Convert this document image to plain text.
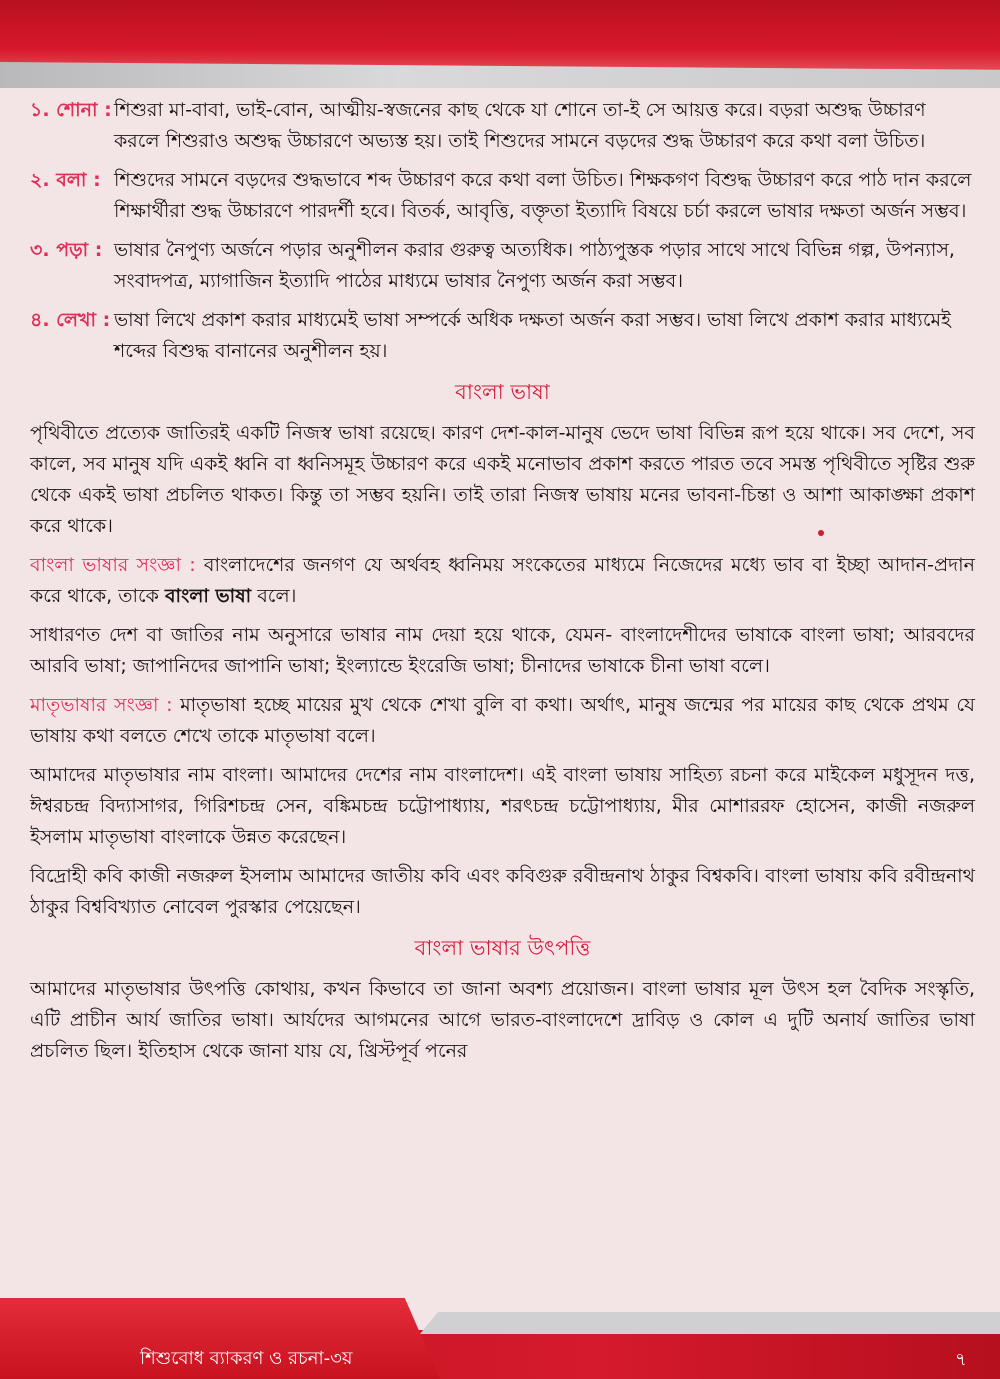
১. শোনা : শিশুরা মা-বাবা, ভাই-বোন, আত্মীয়-স্বজনের কাছ থেকে যা শোনে তা-ই সে আয়ত্ত করে। বড়রা অশুদ্ধ উচ্চারণ করলে শিশুরাও অশুদ্ধ উচ্চারণে অভ্যস্ত হয়। তাই শিশুদের সামনে বড়দের শুদ্ধ উচ্চারণ করে কথা বলা উচিত।
২. বলা : শিশুদের সামনে বড়দের শুদ্ধভাবে শব্দ উচ্চারণ করে কথা বলা উচিত। শিক্ষকগণ বিশুদ্ধ উচ্চারণ করে পাঠ দান করলে শিক্ষার্থীরা শুদ্ধ উচ্চারণে পারদর্শী হবে। বিতর্ক, আবৃত্তি, বক্তৃতা ইত্যাদি বিষয়ে চর্চা করলে ভাষার দক্ষতা অর্জন সম্ভব।
৩. পড়া : ভাষার নৈপুণ্য অর্জনে পড়ার অনুশীলন করার গুরুত্ব অত্যধিক। পাঠ্যপুস্তক পড়ার সাথে সাথে বিভিন্ন গল্প, উপন্যাস, সংবাদপত্র, ম্যাগাজিন ইত্যাদি পাঠের মাধ্যমে ভাষার নৈপুণ্য অর্জন করা সম্ভব।
৪. লেখা : ভাষা লিখে প্রকাশ করার মাধ্যমেই ভাষা সম্পর্কে অধিক দক্ষতা অর্জন করা সম্ভব। ভাষা লিখে প্রকাশ করার মাধ্যমেই শব্দের বিশুদ্ধ বানানের অনুশীলন হয়।
বাংলা ভাষা

পৃথিবীতে প্রত্যেক জাতিরই একটি নিজস্ব ভাষা রয়েছে। কারণ দেশ-কাল-মানুষ ভেদে ভাষা বিভিন্ন রূপ হয়ে থাকে। সব দেশে, সব কালে, সব মানুষ যদি একই ধ্বনি বা ধ্বনিসমূহ উচ্চারণ করে একই মনোভাব প্রকাশ করতে পারত তবে সমস্ত পৃথিবীতে সৃষ্টির শুরু থেকে একই ভাষা প্রচলিত থাকত। কিন্তু তা সম্ভব হয়নি। তাই তারা নিজস্ব ভাষায় মনের ভাবনা-চিন্তা ও আশা আকাঙ্ক্ষা প্রকাশ করে থাকে।

বাংলা ভাষার সংজ্ঞা : বাংলাদেশের জনগণ যে অর্থবহ ধ্বনিময় সংকেতের মাধ্যমে নিজেদের মধ্যে ভাব বা ইচ্ছা আদান-প্রদান করে থাকে, তাকে বাংলা ভাষা বলে।

সাধারণত দেশ বা জাতির নাম অনুসারে ভাষার নাম দেয়া হয়ে থাকে, যেমন- বাংলাদেশীদের ভাষাকে বাংলা ভাষা; আরবদের আরবি ভাষা; জাপানিদের জাপানি ভাষা; ইংল্যান্ডে ইংরেজি ভাষা; চীনাদের ভাষাকে চীনা ভাষা বলে।

মাতৃভাষার সংজ্ঞা : মাতৃভাষা হচ্ছে মায়ের মুখ থেকে শেখা বুলি বা কথা। অর্থাৎ, মানুষ জন্মের পর মায়ের কাছ থেকে প্রথম যে ভাষায় কথা বলতে শেখে তাকে মাতৃভাষা বলে।

আমাদের মাতৃভাষার নাম বাংলা। আমাদের দেশের নাম বাংলাদেশ। এই বাংলা ভাষায় সাহিত্য রচনা করে মাইকেল মধুসূদন দত্ত, ঈশ্বরচন্দ্র বিদ্যাসাগর, গিরিশচন্দ্র সেন, বঙ্কিমচন্দ্র চট্টোপাধ্যায়, শরৎচন্দ্র চট্টোপাধ্যায়, মীর মোশাররফ হোসেন, কাজী নজরুল ইসলাম মাতৃভাষা বাংলাকে উন্নত করেছেন।

বিদ্রোহী কবি কাজী নজরুল ইসলাম আমাদের জাতীয় কবি এবং কবিগুরু রবীন্দ্রনাথ ঠাকুর বিশ্বকবি। বাংলা ভাষায় কবি রবীন্দ্রনাথ ঠাকুর বিশ্ববিখ্যাত নোবেল পুরস্কার পেয়েছেন।

বাংলা ভাষার উৎপত্তি

আমাদের মাতৃভাষার উৎপত্তি কোথায়, কখন কিভাবে তা জানা অবশ্য প্রয়োজন। বাংলা ভাষার মূল উৎস হল বৈদিক সংস্কৃতি, এটি প্রাচীন আর্য জাতির ভাষা। আর্যদের আগমনের আগে ভারত-বাংলাদেশে দ্রাবিড় ও কোল এ দুটি অনার্য জাতির ভাষা প্রচলিত ছিল। ইতিহাস থেকে জানা যায় যে, খ্রিস্টপূর্ব পনের

শিশুবোধ ব্যাকরণ ও রচনা-৩য়	৭
